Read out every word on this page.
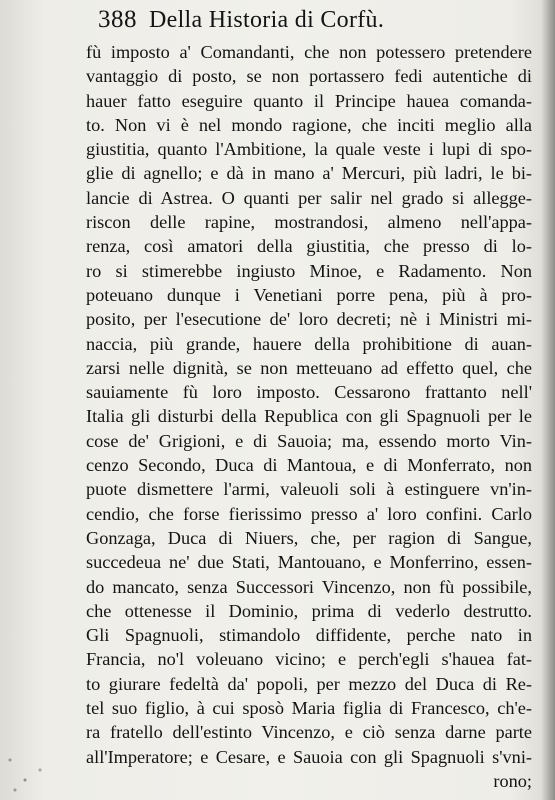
388 Della Historia di Corfù.
fù imposto a' Comandanti, che non potessero pretendere
vantaggio di posto, se non portassero fedi autentiche di
hauer fatto eseguire quanto il Principe hauea comanda-
to. Non vi è nel mondo ragione, che inciti meglio alla
giustitia, quanto l'Ambitione, la quale veste i lupi di spo-
glie di agnello; e dà in mano a' Mercuri, più ladri, le bi-
lancie di Astrea. O quanti per salir nel grado si allegge-
riscon delle rapine, mostrandosi, almeno nell'appa-
renza, così amatori della giustitia, che presso di lo-
ro si stimerebbe ingiusto Minoe, e Radamento. Non
poteuano dunque i Venetiani porre pena, più à pro-
posito, per l'esecutione de' loro decreti; nè i Ministri mi-
naccia, più grande, hauere della prohibitione di auan-
zarsi nelle dignità, se non metteuano ad effetto quel, che
sauiamente fù loro imposto. Cessarono frattanto nell'
Italia gli disturbi della Republica con gli Spagnuoli per le
cose de' Grigioni, e di Sauoia; ma, essendo morto Vin-
cenzo Secondo, Duca di Mantoua, e di Monferrato, non
puote dismettere l'armi, valeuoli soli à estinguere vn'in-
cendio, che forse fierissimo presso a' loro confini. Carlo
Gonzaga, Duca di Niuers, che, per ragion di Sangue,
succedeua ne' due Stati, Mantouano, e Monferrino, essen-
do mancato, senza Successori Vincenzo, non fù possibile,
che ottenesse il Dominio, prima di vederlo destrutto.
Gli Spagnuoli, stimandolo diffidente, perche nato in
Francia, no'l voleuano vicino; e perch'egli s'hauea fat-
to giurare fedeltà da' popoli, per mezzo del Duca di Re-
tel suo figlio, à cui sposò Maria figlia di Francesco, ch'e-
ra fratello dell'estinto Vincenzo, e ciò senza darne parte
all'Imperatore; e Cesare, e Sauoia con gli Spagnuoli s'vni-
rono;
